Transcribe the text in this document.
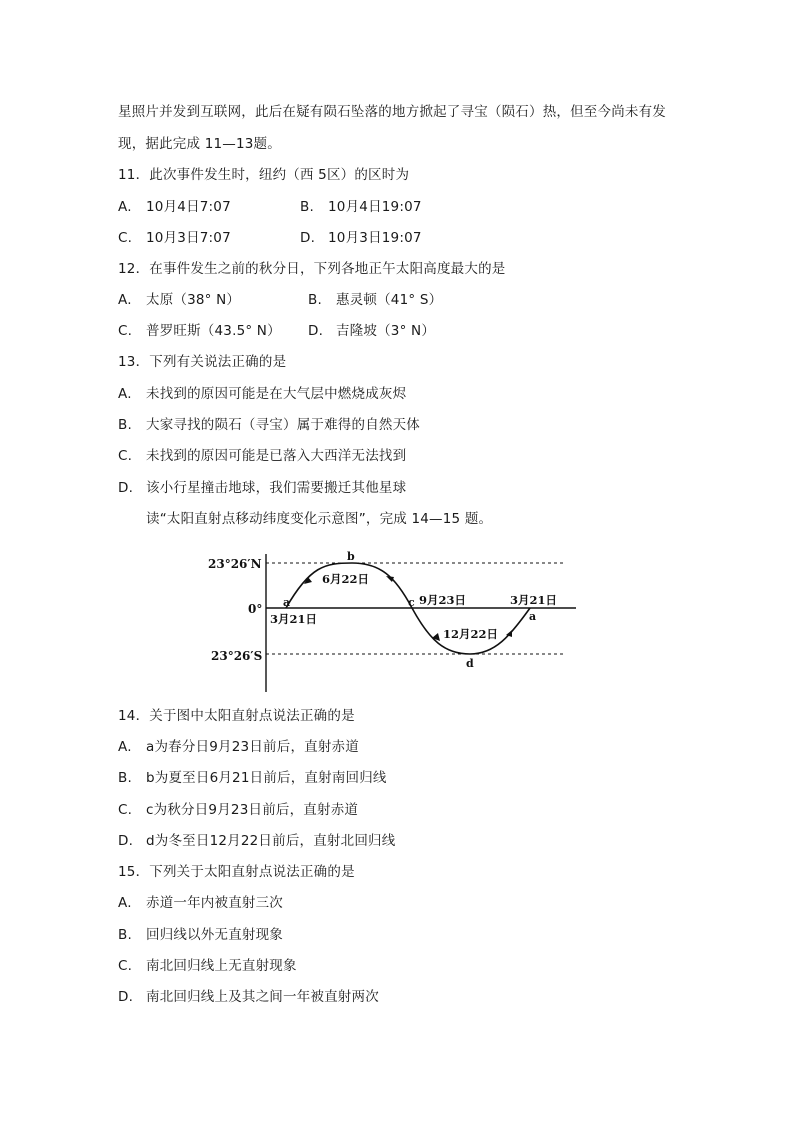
星照片并发到互联网，此后在疑有陨石坠落的地方掀起了寻宝（陨石）热，但至今尚未有发
现，据此完成 11—13题。
11．此次事件发生时，纽约（西 5区）的区时为
A. 10月4日7:07	B. 10月4日19:07
C. 10月3日7:07	D. 10月3日19:07
12．在事件发生之前的秋分日，下列各地正午太阳高度最大的是
A. 太原（38° N）	B. 惠灵顿（41° S）
C. 普罗旺斯（43.5° N） D. 吉隆坡（3° N）
13．下列有关说法正确的是
A. 未找到的原因可能是在大气层中燃烧成灰烬
B. 大家寻找的陨石（寻宝）属于难得的自然天体
C. 未找到的原因可能是已落入大西洋无法找到
D. 该小行星撞击地球，我们需要搬迁其他星球
读“太阳直射点移动纬度变化示意图”，完成 14—15 题。
23°26′N
0°
23°26′S
a
3月21日
b
6月22日
c 9月23日
12月22日
d
3月21日
a
14．关于图中太阳直射点说法正确的是
A. a为春分日9月23日前后，直射赤道
B. b为夏至日6月21日前后，直射南回归线
C. c为秋分日9月23日前后，直射赤道
D. d为冬至日12月22日前后，直射北回归线
15．下列关于太阳直射点说法正确的是
A. 赤道一年内被直射三次
B. 回归线以外无直射现象
C. 南北回归线上无直射现象
D. 南北回归线上及其之间一年被直射两次
